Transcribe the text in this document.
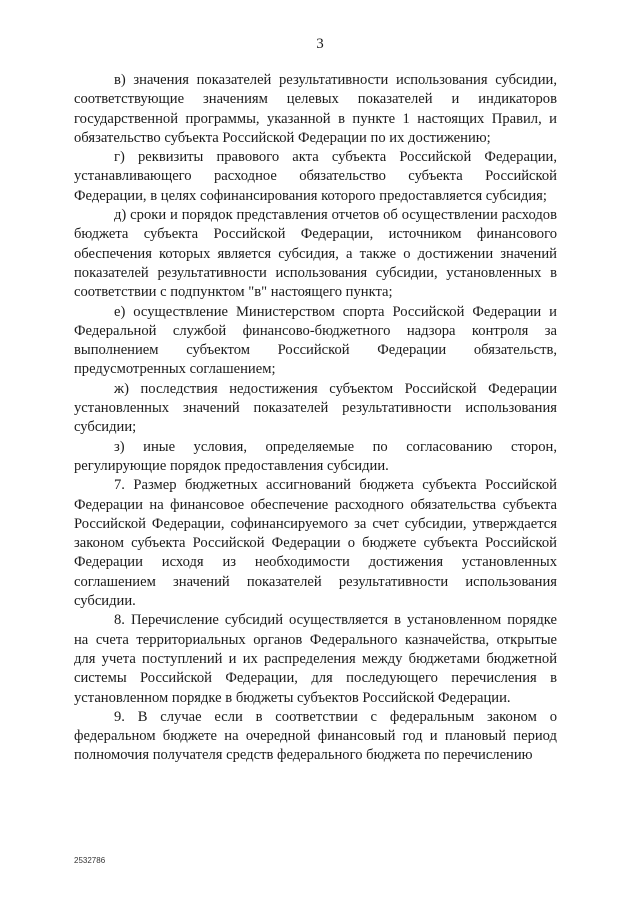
3

в) значения показателей результативности использования субсидии, соответствующие значениям целевых показателей и индикаторов государственной программы, указанной в пункте 1 настоящих Правил, и обязательство субъекта Российской Федерации по их достижению;

г) реквизиты правового акта субъекта Российской Федерации, устанавливающего расходное обязательство субъекта Российской Федерации, в целях софинансирования которого предоставляется субсидия;

д) сроки и порядок представления отчетов об осуществлении расходов бюджета субъекта Российской Федерации, источником финансового обеспечения которых является субсидия, а также о достижении значений показателей результативности использования субсидии, установленных в соответствии с подпунктом "в" настоящего пункта;

е) осуществление Министерством спорта Российской Федерации и Федеральной службой финансово-бюджетного надзора контроля за выполнением субъектом Российской Федерации обязательств, предусмотренных соглашением;

ж) последствия недостижения субъектом Российской Федерации установленных значений показателей результативности использования субсидии;

з) иные условия, определяемые по согласованию сторон, регулирующие порядок предоставления субсидии.

7. Размер бюджетных ассигнований бюджета субъекта Российской Федерации на финансовое обеспечение расходного обязательства субъекта Российской Федерации, софинансируемого за счет субсидии, утверждается законом субъекта Российской Федерации о бюджете субъекта Российской Федерации исходя из необходимости достижения установленных соглашением значений показателей результативности использования субсидии.

8. Перечисление субсидий осуществляется в установленном порядке на счета территориальных органов Федерального казначейства, открытые для учета поступлений и их распределения между бюджетами бюджетной системы Российской Федерации, для последующего перечисления в установленном порядке в бюджеты субъектов Российской Федерации.

9. В случае если в соответствии с федеральным законом о федеральном бюджете на очередной финансовый год и плановый период полномочия получателя средств федерального бюджета по перечислению

2532786
